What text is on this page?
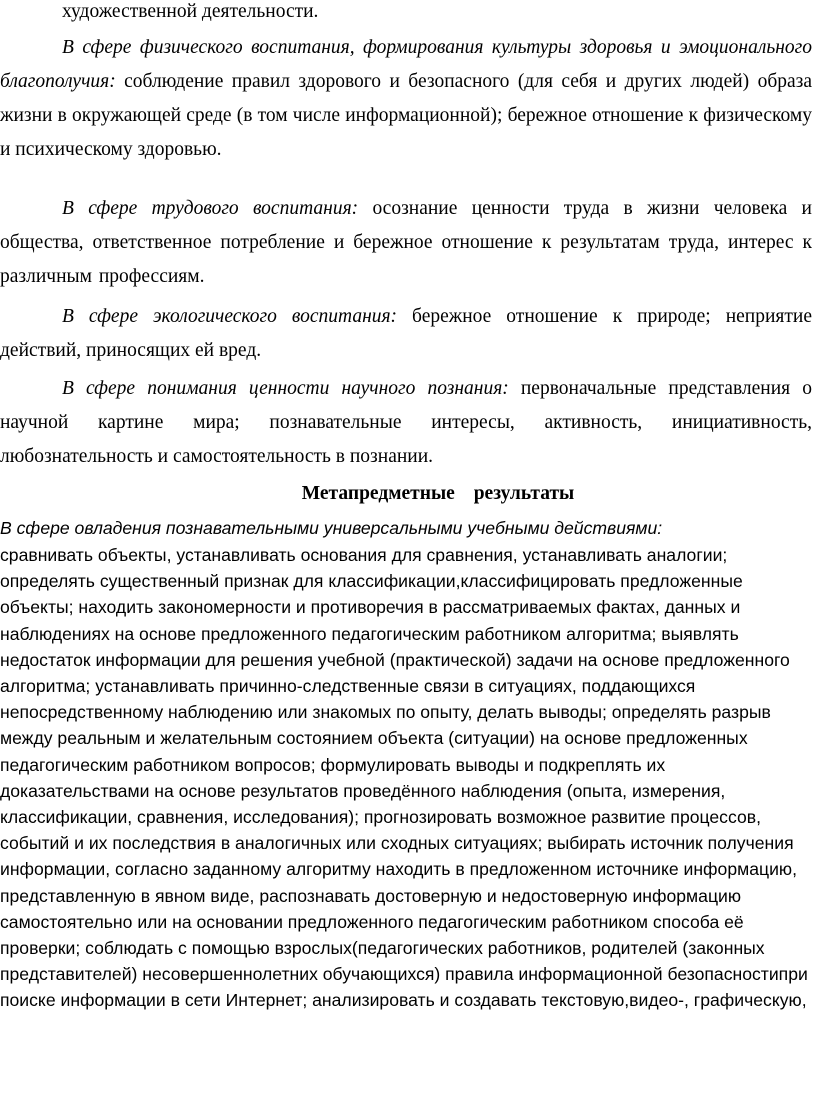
художественной деятельности.

В сфере физического воспитания, формирования культуры здоровья и эмоционального благополучия: соблюдение правил здорового и безопасного (для себя и других людей) образа жизни в окружающей среде (в том числе информационной); бережное отношение к физическому и психическому здоровью.

В сфере трудового воспитания: осознание ценности труда в жизни человека и общества, ответственное потребление и бережное отношение к результатам труда, интерес к различным профессиям.

В сфере экологического воспитания: бережное отношение к природе; неприятие действий, приносящих ей вред.

В сфере понимания ценности научного познания: первоначальные представления о научной картине мира; познавательные интересы, активность, инициативность, любознательность и самостоятельность в познании.

Метапредметные результаты

В сфере овладения познавательными универсальными учебными действиями:

сравнивать объекты, устанавливать основания для сравнения, устанавливать аналогии; определять существенный признак для классификации,классифицировать предложенные объекты; находить закономерности и противоречия в рассматриваемых фактах, данных и наблюдениях на основе предложенного педагогическим работником алгоритма; выявлять недостаток информации для решения учебной (практической) задачи на основе предложенного алгоритма; устанавливать причинно-следственные связи в ситуациях, поддающихся непосредственному наблюдению или знакомых по опыту, делать выводы; определять разрыв между реальным и желательным состоянием объекта (ситуации) на основе предложенных педагогическим работником вопросов; формулировать выводы и подкреплять их доказательствами на основе результатов проведённого наблюдения (опыта, измерения, классификации, сравнения, исследования); прогнозировать возможное развитие процессов, событий и их последствия в аналогичных или сходных ситуациях; выбирать источник получения информации, согласно заданному алгоритму находить в предложенном источнике информацию, представленную в явном виде, распознавать достоверную и недостоверную информацию самостоятельно или на основании предложенного педагогическим работником способа её проверки; соблюдать с помощью взрослых(педагогических работников, родителей (законных представителей) несовершеннолетних обучающихся) правила информационной безопасностипри поиске информации в сети Интернет; анализировать и создавать текстовую,видео-, графическую,
